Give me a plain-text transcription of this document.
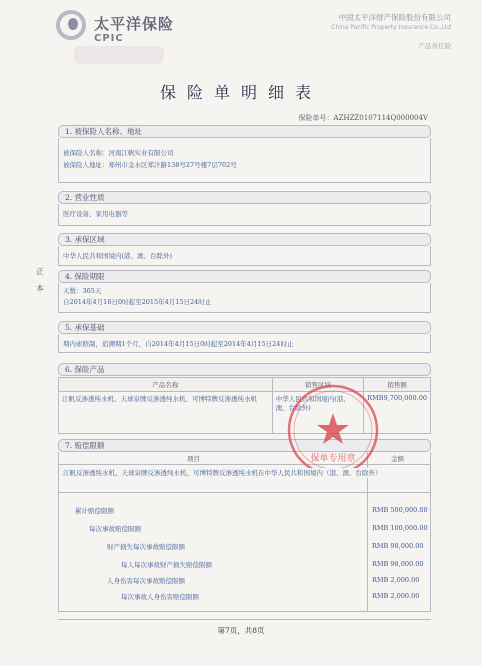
太平洋保险
CPIC
中国太平洋财产保险股份有限公司
China Pacific Property Insurance Co.,Ltd
产品责任险
保险单明细表
保险单号：AZHZZ0107114Q000004V
正
本
1. 被保险人名称、地址
被保险人名称：河南江帆实业有限公司
被保险人地址：郑州市金水区郑汴路138号27号楼7层702号
2. 营业性质
医疗设备、家用电器等
3. 承保区域
中华人民共和国境内(港、澳、台除外)
4. 保险期限
天数：365天
自2014年4月16日0时起至2015年4月15日24时止
5. 承保基础
期内索赔制，追溯期1个月，自2014年4月15日0时起至2014年4月15日24时止
6. 保险产品
产品名称	销售区域	销售额
江帆反渗透纯水机、天球泉牌反渗透纯水机、可博特牌反渗透纯水机	中华人民共和国境内(港、澳、台除外)	RMB9,700,000.00
7. 赔偿限额
项目	金额
江帆反渗透纯水机、天球泉牌反渗透纯水机、可博特牌反渗透纯水机在中华人民共和国境内（港、澳、台除外）
累计赔偿限额	RMB 500,000.00
每次事故赔偿限额	RMB 100,000.00
财产损失每次事故赔偿限额	RMB 98,000.00
每人每次事故财产损失赔偿限额	RMB 98,000.00
人身伤害每次事故赔偿限额	RMB 2,000.00
每次事故人身伤害赔偿限额	RMB 2,000.00
保单专用章
第7页，共8页
